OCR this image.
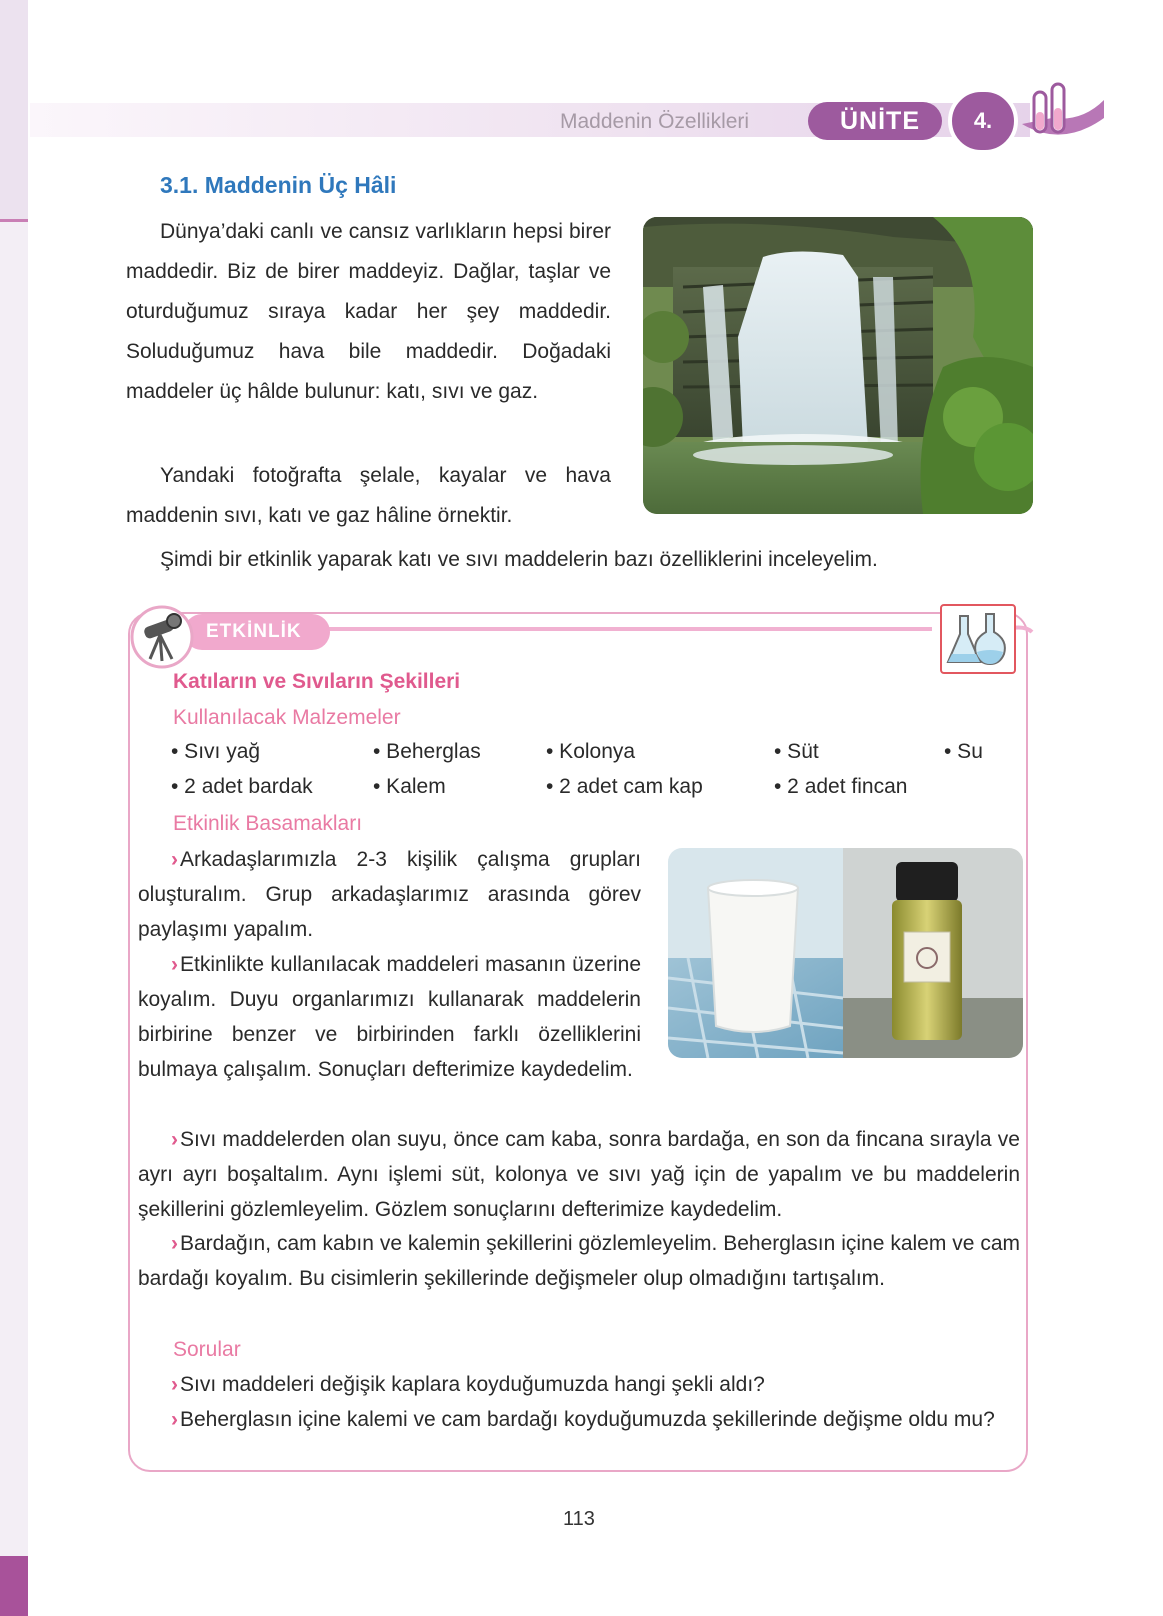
Maddenin Özellikleri	ÜNİTE	4.
3.1. Maddenin Üç Hâli

Dünya’daki canlı ve cansız varlıkların hepsi birer maddedir. Biz de birer maddeyiz. Dağlar, taşlar ve oturduğumuz sıraya kadar her şey maddedir. Soluduğumuz hava bile maddedir. Doğadaki maddeler üç hâlde bulunur: katı, sıvı ve gaz.

Yandaki fotoğrafta şelale, kayalar ve hava maddenin sıvı, katı ve gaz hâline örnektir.

Şimdi bir etkinlik yaparak katı ve sıvı maddelerin bazı özelliklerini inceleyelim.

ETKİNLİK
Katıların ve Sıvıların Şekilleri
Kullanılacak Malzemeler
• Sıvı yağ	• Beherglas	• Kolonya	• Süt	• Su
• 2 adet bardak	• Kalem	• 2 adet cam kap	• 2 adet fincan
Etkinlik Basamakları

›Arkadaşlarımızla 2-3 kişilik çalışma grupları oluşturalım. Grup arkadaşlarımız arasında görev paylaşımı yapalım.

›Etkinlikte kullanılacak maddeleri masanın üzerine koyalım. Duyu organlarımızı kullanarak maddelerin birbirine benzer ve birbirinden farklı özelliklerini bulmaya çalışalım. Sonuçları defterimize kaydedelim.

›Sıvı maddelerden olan suyu, önce cam kaba, sonra bardağa, en son da fincana sırayla ve ayrı ayrı boşaltalım. Aynı işlemi süt, kolonya ve sıvı yağ için de yapalım ve bu maddelerin şekillerini gözlemleyelim. Gözlem sonuçlarını defterimize kaydedelim.

›Bardağın, cam kabın ve kalemin şekillerini gözlemleyelim. Beherglasın içine kalem ve cam bardağı koyalım. Bu cisimlerin şekillerinde değişmeler olup olmadığını tartışalım.

Sorular

›Sıvı maddeleri değişik kaplara koyduğumuzda hangi şekli aldı?

›Beherglasın içine kalemi ve cam bardağı koyduğumuzda şekillerinde değişme oldu mu?

113
